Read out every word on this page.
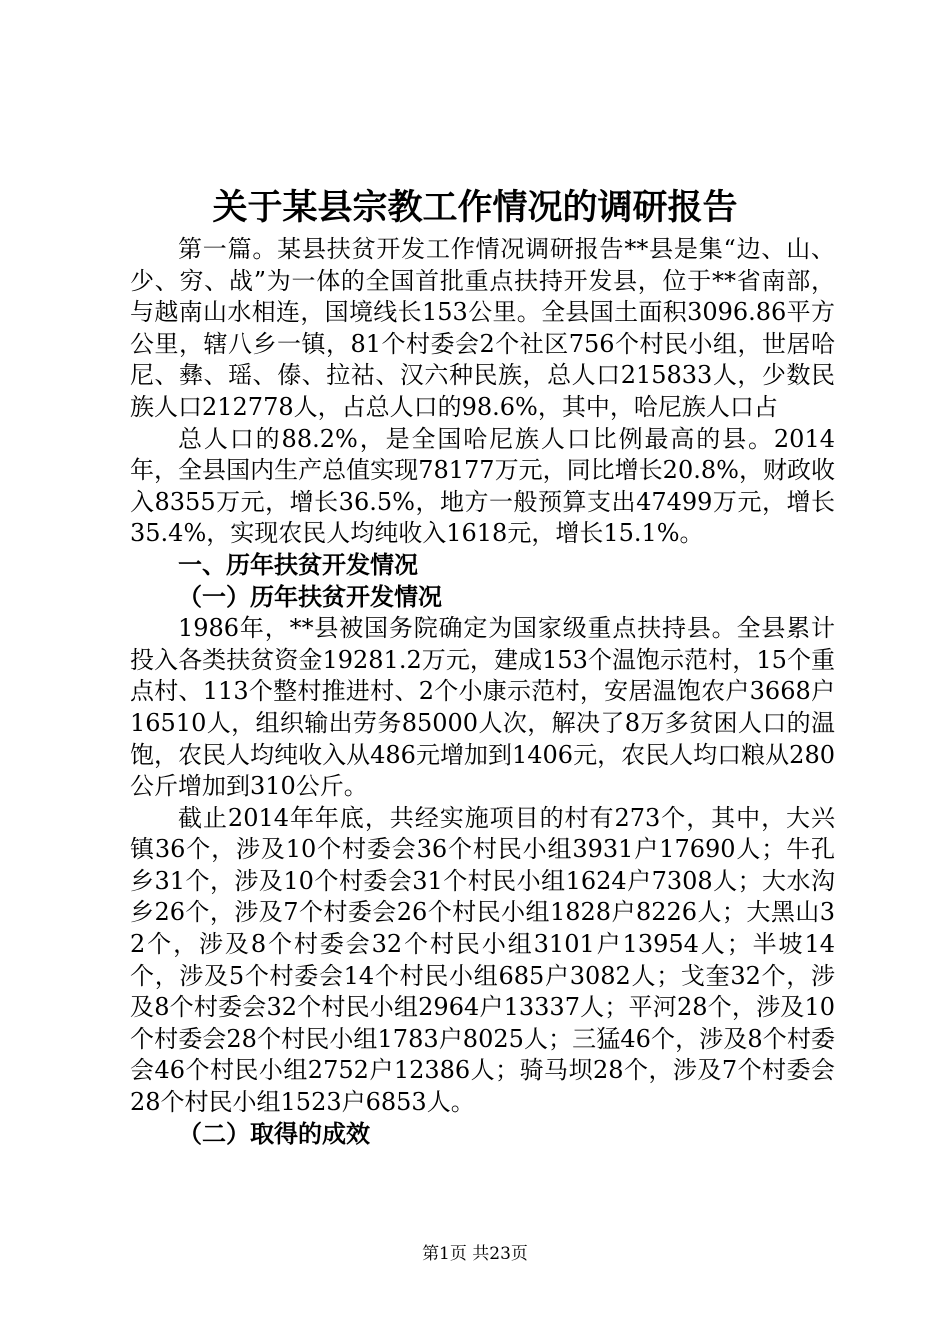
关于某县宗教工作情况的调研报告

第一篇。某县扶贫开发工作情况调研报告**县是集“边、山、少、穷、战”为一体的全国首批重点扶持开发县，位于**省南部，与越南山水相连，国境线长153公里。全县国土面积3096.86平方公里，辖八乡一镇，81个村委会2个社区756个村民小组，世居哈尼、彝、瑶、傣、拉祜、汉六种民族，总人口215833人，少数民族人口212778人，占总人口的98.6%，其中，哈尼族人口占

总人口的88.2%，是全国哈尼族人口比例最高的县。2014年，全县国内生产总值实现78177万元，同比增长20.8%，财政收入8355万元，增长36.5%，地方一般预算支出47499万元，增长35.4%，实现农民人均纯收入1618元，增长15.1%。

一、历年扶贫开发情况

（一）历年扶贫开发情况

1986年，**县被国务院确定为国家级重点扶持县。全县累计投入各类扶贫资金19281.2万元，建成153个温饱示范村，15个重点村、113个整村推进村、2个小康示范村，安居温饱农户3668户16510人，组织输出劳务85000人次，解决了8万多贫困人口的温饱，农民人均纯收入从486元增加到1406元，农民人均口粮从280公斤增加到310公斤。

截止2014年年底，共经实施项目的村有273个，其中，大兴镇36个，涉及10个村委会36个村民小组3931户17690人；牛孔乡31个，涉及10个村委会31个村民小组1624户7308人；大水沟乡26个，涉及7个村委会26个村民小组1828户8226人；大黑山32个，涉及8个村委会32个村民小组3101户13954人；半坡14个，涉及5个村委会14个村民小组685户3082人；戈奎32个，涉及8个村委会32个村民小组2964户13337人；平河28个，涉及10个村委会28个村民小组1783户8025人；三猛46个，涉及8个村委会46个村民小组2752户12386人；骑马坝28个，涉及7个村委会28个村民小组1523户6853人。

（二）取得的成效

第1页 共23页
